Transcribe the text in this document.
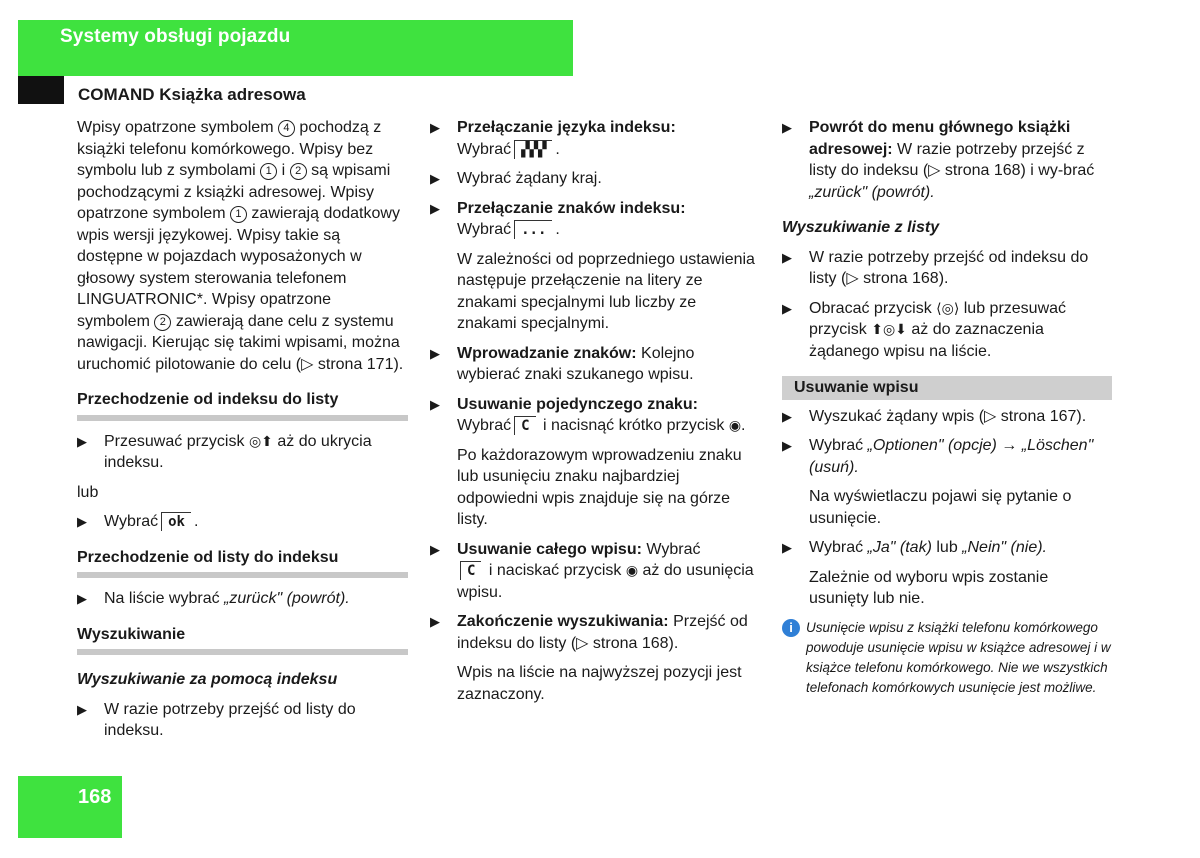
Systemy obsługi pojazdu
COMAND Książka adresowa

Wpisy opatrzone symbolem 4 pochodzą z książki telefonu komórkowego. Wpisy bez symbolu lub z symbolami 1 i 2 są wpisami pochodzącymi z książki adresowej. Wpisy opatrzone symbolem 1 zawierają dodatkowy wpis wersji językowej. Wpisy takie są dostępne w pojazdach wyposażonych w głosowy system sterowania telefonem LINGUATRONIC*. Wpisy opatrzone symbolem 2 zawierają dane celu z systemu nawigacji. Kierując się takimi wpisami, można uruchomić pilotowanie do celu (▷ strona 171).

Przechodzenie od indeksu do listy
▶	Przesuwać przycisk ◎⬆ aż do ukrycia indeksu.
lub
▶	Wybrać ok .
Przechodzenie od listy do indeksu
▶	Na liście wybrać „zurück" (powrót).
Wyszukiwanie
Wyszukiwanie za pomocą indeksu
▶	W razie potrzeby przejść od listy do indeksu.
▶	Przełączanie języka indeksu:
Wybrać ▞▞▞ .
▶	Wybrać żądany kraj.
▶	Przełączanie znaków indeksu:
Wybrać ... .
W zależności od poprzedniego ustawienia następuje przełączenie na litery ze znakami specjalnymi lub liczby ze znakami specjalnymi.
▶	Wprowadzanie znaków: Kolejno wybierać znaki szukanego wpisu.
▶	Usuwanie pojedynczego znaku:
Wybrać C i nacisnąć krótko przycisk ◉.
Po każdorazowym wprowadzeniu znaku lub usunięciu znaku najbardziej odpowiedni wpis znajduje się na górze listy.
▶	Usuwanie całego wpisu: Wybrać
C i naciskać przycisk ◉ aż do usunięcia wpisu.
▶	Zakończenie wyszukiwania: Przejść od indeksu do listy (▷ strona 168).
Wpis na liście na najwyższej pozycji jest zaznaczony.
▶	Powrót do menu głównego książki adresowej: W razie potrzeby przejść z listy do indeksu (▷ strona 168) i wy-brać „zurück" (powrót).
Wyszukiwanie z listy
▶	W razie potrzeby przejść od indeksu do listy (▷ strona 168).
▶	Obracać przycisk ⟨◎⟩ lub przesuwać przycisk ⬆◎⬇ aż do zaznaczenia żądanego wpisu na liście.
Usuwanie wpisu
▶	Wyszukać żądany wpis (▷ strona 167).
▶	Wybrać „Optionen" (opcje) → „Löschen" (usuń).
Na wyświetlaczu pojawi się pytanie o usunięcie.
▶	Wybrać „Ja" (tak) lub „Nein" (nie).
Zależnie od wyboru wpis zostanie usunięty lub nie.
i Usunięcie wpisu z książki telefonu komórkowego powoduje usunięcie wpisu w książce adresowej i w książce telefonu komórkowego. Nie we wszystkich telefonach komórkowych usunięcie jest możliwe.
168
